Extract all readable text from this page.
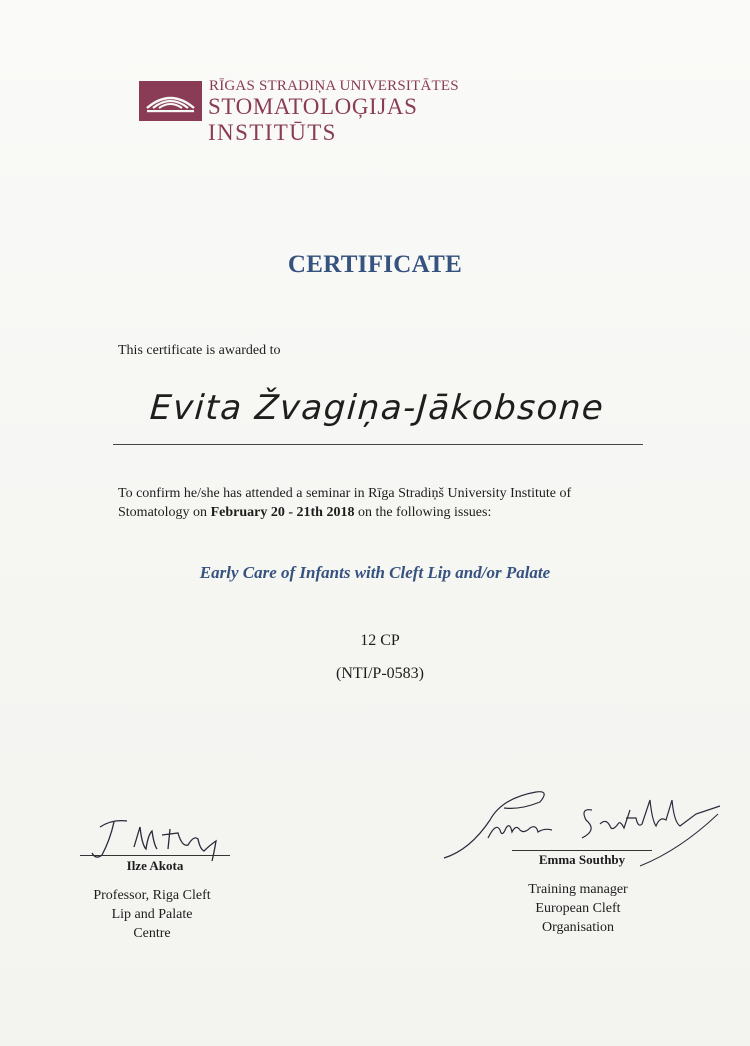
RĪGAS STRADIŅA UNIVERSITĀTES
STOMATOLOĢIJAS
INSTITŪTS
CERTIFICATE
This certificate is awarded to
Evita Žvagiņa-Jākobsone
To confirm he/she has attended a seminar in Rīga Stradiņš University Institute of Stomatology on February 20 - 21th 2018 on the following issues:
Early Care of Infants with Cleft Lip and/or Palate
12 CP
(NTI/P-0583)
Ilze Akota
Professor, Riga Cleft
Lip and Palate
Centre
Emma Southby
Training manager
European Cleft
Organisation
